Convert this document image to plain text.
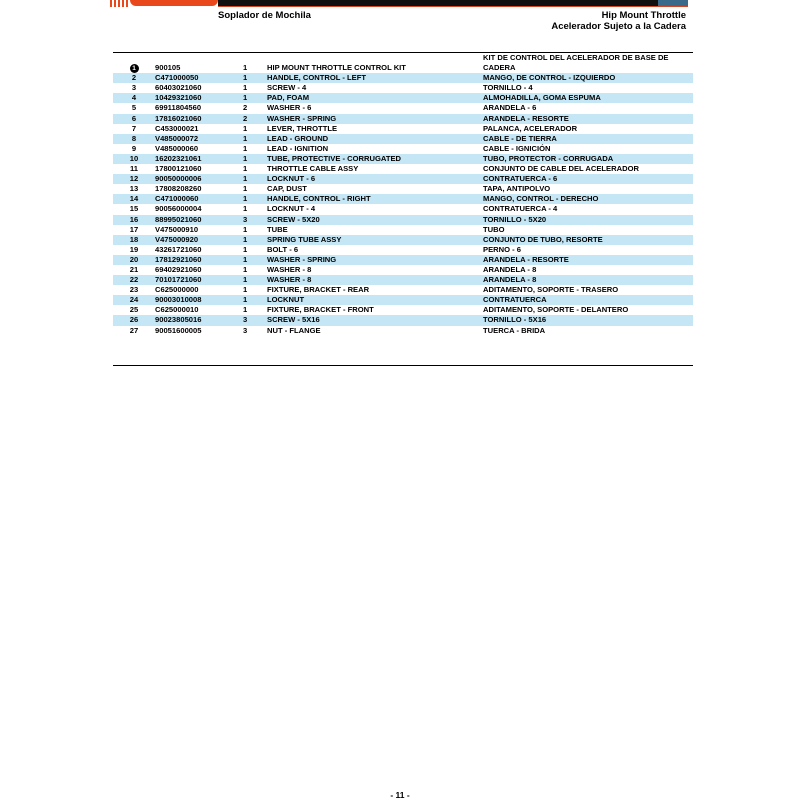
Soplador de Mochila	Hip Mount Throttle
Acelerador Sujeto a la Cadera
1	900105	1	HIP MOUNT THROTTLE CONTROL KIT	KIT DE CONTROL DEL ACELERADOR DE BASE DE CADERA
2	C471000050	1	HANDLE, CONTROL - LEFT	MANGO, DE CONTROL - IZQUIERDO
3	60403021060	1	SCREW - 4	TORNILLO - 4
4	10429321060	1	PAD, FOAM	ALMOHADILLA, GOMA ESPUMA
5	69911804560	2	WASHER - 6	ARANDELA - 6
6	17816021060	2	WASHER - SPRING	ARANDELA - RESORTE
7	C453000021	1	LEVER, THROTTLE	PALANCA, ACELERADOR
8	V485000072	1	LEAD - GROUND	CABLE - DE TIERRA
9	V485000060	1	LEAD - IGNITION	CABLE - IGNICIÓN
10	16202321061	1	TUBE, PROTECTIVE - CORRUGATED	TUBO, PROTECTOR - CORRUGADA
11	17800121060	1	THROTTLE CABLE ASSY	CONJUNTO DE CABLE DEL ACELERADOR
12	90050000006	1	LOCKNUT - 6	CONTRATUERCA - 6
13	17808208260	1	CAP, DUST	TAPA, ANTIPOLVO
14	C471000060	1	HANDLE, CONTROL - RIGHT	MANGO, CONTROL - DERECHO
15	90056000004	1	LOCKNUT - 4	CONTRATUERCA - 4
16	88995021060	3	SCREW - 5X20	TORNILLO - 5X20
17	V475000910	1	TUBE	TUBO
18	V475000920	1	SPRING TUBE ASSY	CONJUNTO DE TUBO, RESORTE
19	43261721060	1	BOLT - 6	PERNO - 6
20	17812921060	1	WASHER - SPRING	ARANDELA - RESORTE
21	69402921060	1	WASHER - 8	ARANDELA - 8
22	70101721060	1	WASHER - 8	ARANDELA - 8
23	C625000000	1	FIXTURE, BRACKET - REAR	ADITAMENTO, SOPORTE - TRASERO
24	90003010008	1	LOCKNUT	CONTRATUERCA
25	C625000010	1	FIXTURE, BRACKET - FRONT	ADITAMENTO, SOPORTE - DELANTERO
26	90023805016	3	SCREW - 5X16	TORNILLO - 5X16
27	90051600005	3	NUT - FLANGE	TUERCA - BRIDA
- 11 -
